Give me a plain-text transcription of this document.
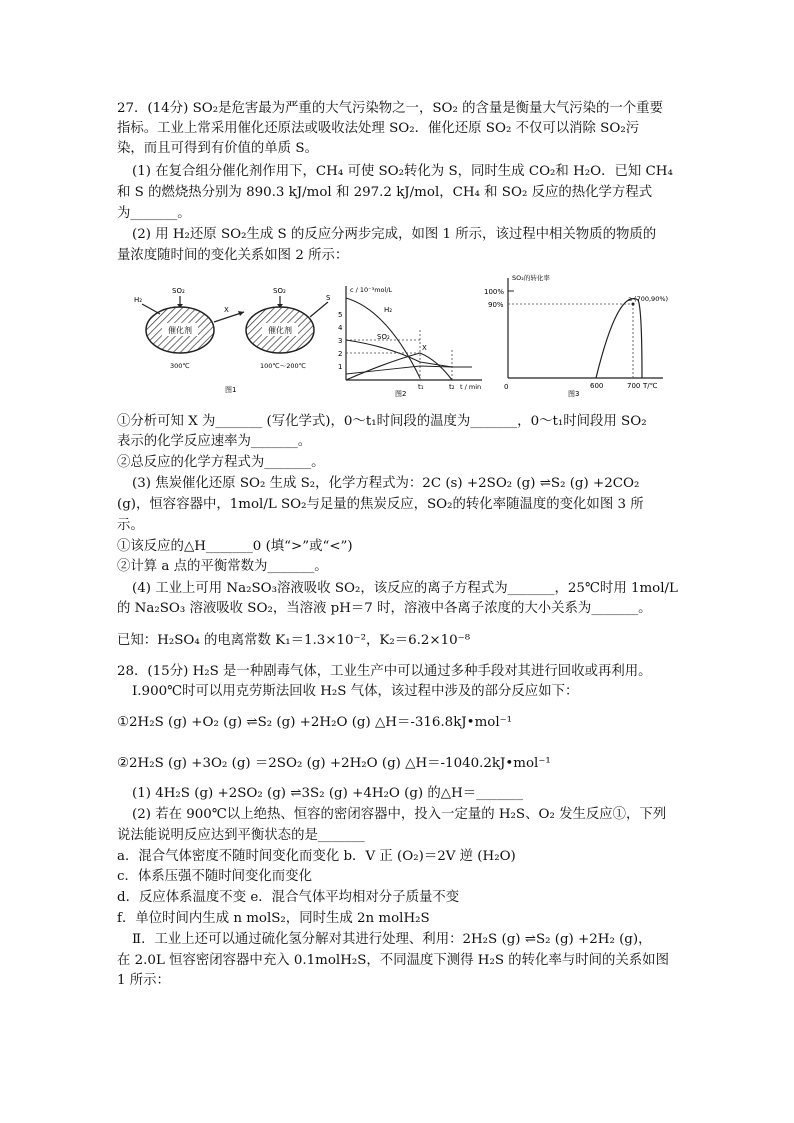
27．(14分) SO₂是危害最为严重的大气污染物之一，SO₂ 的含量是衡量大气污染的一个重要
指标。工业上常采用催化还原法或吸收法处理 SO₂．催化还原 SO₂ 不仅可以消除 SO₂污
染，而且可得到有价值的单质 S。
(1) 在复合组分催化剂作用下，CH₄ 可使 SO₂转化为 S，同时生成 CO₂和 H₂O．已知 CH₄
和 S 的燃烧热分别为 890.3 kJ/mol 和 297.2 kJ/mol，CH₄ 和 SO₂ 反应的热化学方程式
为_______。
(2) 用 H₂还原 SO₂生成 S 的反应分两步完成，如图 1 所示，该过程中相关物质的物质的
量浓度随时间的变化关系如图 2 所示：
催化剂	催化剂
H₂
SO₂
X
SO₂
S
300℃	100℃～200℃
图1
c / 10⁻³mol/L
1
2
3
4
5
H₂
SO₂
X
t₁	t₂ t / min
图2
SO₂的转化率
100%
90%
a (700,90%)
0	600	700 T/℃
图3
①分析可知 X 为_______ (写化学式)，0～t₁时间段的温度为_______，0～t₁时间段用 SO₂
表示的化学反应速率为_______。
②总反应的化学方程式为_______。
(3) 焦炭催化还原 SO₂ 生成 S₂，化学方程式为：2C (s) +2SO₂ (g) ⇌S₂ (g) +2CO₂
(g)，恒容容器中，1mol/L SO₂与足量的焦炭反应，SO₂的转化率随温度的变化如图 3 所
示。
①该反应的△H_______0 (填“>”或“<”)
②计算 a 点的平衡常数为_______。
(4) 工业上可用 Na₂SO₃溶液吸收 SO₂，该反应的离子方程式为_______，25℃时用 1mol/L
的 Na₂SO₃ 溶液吸收 SO₂，当溶液 pH＝7 时，溶液中各离子浓度的大小关系为_______。
已知：H₂SO₄ 的电离常数 K₁＝1.3×10⁻²，K₂＝6.2×10⁻⁸
28．(15分) H₂S 是一种剧毒气体，工业生产中可以通过多种手段对其进行回收或再利用。
Ⅰ.900℃时可以用克劳斯法回收 H₂S 气体，该过程中涉及的部分反应如下：
①2H₂S (g) +O₂ (g) ⇌S₂ (g) +2H₂O (g) △H＝-316.8kJ•mol⁻¹
②2H₂S (g) +3O₂ (g) ＝2SO₂ (g) +2H₂O (g) △H＝-1040.2kJ•mol⁻¹
(1) 4H₂S (g) +2SO₂ (g) ⇌3S₂ (g) +4H₂O (g) 的△H＝_______
(2) 若在 900℃以上绝热、恒容的密闭容器中，投入一定量的 H₂S、O₂ 发生反应①，下列
说法能说明反应达到平衡状态的是_______
a．混合气体密度不随时间变化而变化 b．V 正 (O₂)＝2V 逆 (H₂O)
c．体系压强不随时间变化而变化
d．反应体系温度不变 e．混合气体平均相对分子质量不变
f．单位时间内生成 n molS₂，同时生成 2n molH₂S
Ⅱ．工业上还可以通过硫化氢分解对其进行处理、利用：2H₂S (g) ⇌S₂ (g) +2H₂ (g)，
在 2.0L 恒容密闭容器中充入 0.1molH₂S，不同温度下测得 H₂S 的转化率与时间的关系如图
1 所示：
